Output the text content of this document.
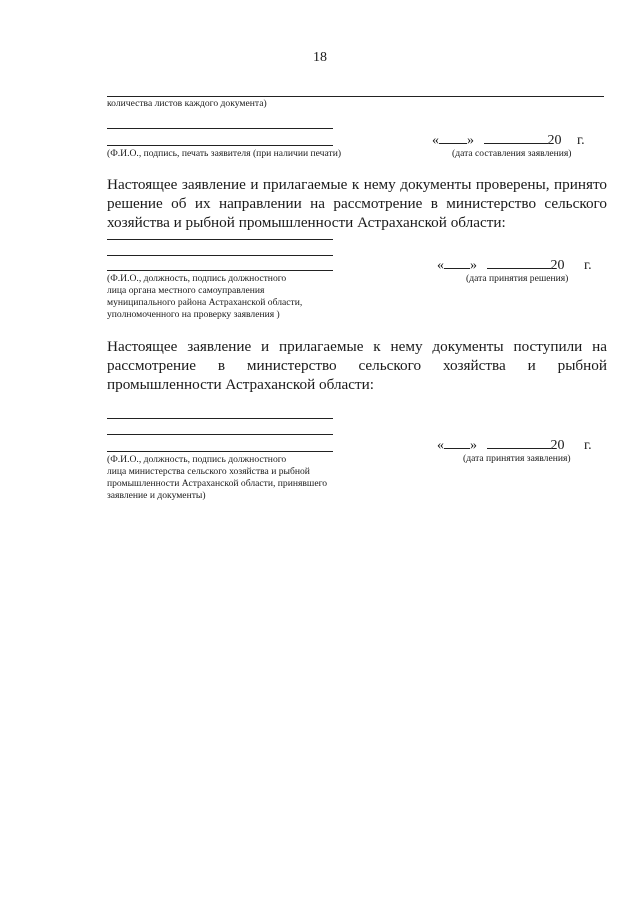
18
количества листов каждого документа)
(Ф.И.О., подпись, печать заявителя (при наличии печати)
« »	20 г.
(дата составления заявления)
Настоящее заявление и прилагаемые к нему документы проверены, принято решение об их направлении на рассмотрение в министерство сельского хозяйства и рыбной промышленности Астраханской области:
(Ф.И.О., должность, подпись должностного
лица органа местного самоуправления
муниципального района Астраханской области,
уполномоченного на проверку заявления )
« »	20 г.
(дата принятия решения)
Настоящее заявление и прилагаемые к нему документы поступили на рассмотрение в министерство сельского хозяйства и рыбной промышленности Астраханской области:
(Ф.И.О., должность, подпись должностного
лица министерства сельского хозяйства и рыбной
промышленности Астраханской области, принявшего
заявление и документы)
« »	20 г.
(дата принятия заявления)
